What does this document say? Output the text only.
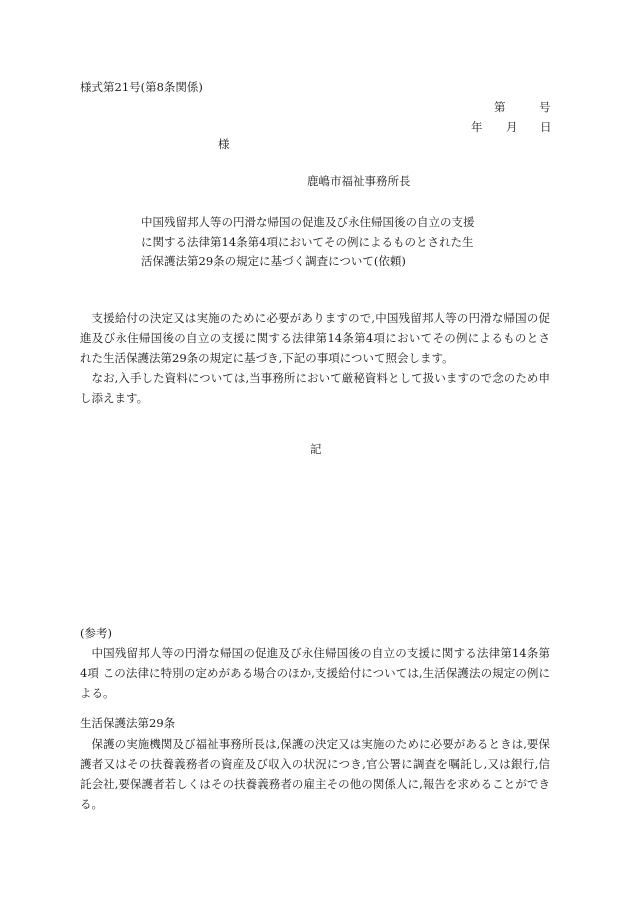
様式第21号(第8条関係)
第	号
年 月 日
様
鹿嶋市福祉事務所長
中国残留邦人等の円滑な帰国の促進及び永住帰国後の自立の支援
に関する法律第14条第4項においてその例によるものとされた生
活保護法第29条の規定に基づく調査について(依頼)
支援給付の決定又は実施のために必要がありますので,中国残留邦人等の円滑な帰国の促進及び永住帰国後の自立の支援に関する法律第14条第4項においてその例によるものとされた生活保護法第29条の規定に基づき,下記の事項について照会します。
なお,入手した資料については,当事務所において厳秘資料として扱いますので念のため申し添えます。
記
(参考)
中国残留邦人等の円滑な帰国の促進及び永住帰国後の自立の支援に関する法律第14条第4項 この法律に特別の定めがある場合のほか,支援給付については,生活保護法の規定の例による。
生活保護法第29条
保護の実施機関及び福祉事務所長は,保護の決定又は実施のために必要があるときは,要保護者又はその扶養義務者の資産及び収入の状況につき,官公署に調査を嘱託し,又は銀行,信託会社,要保護者若しくはその扶養義務者の雇主その他の関係人に,報告を求めることができる。
